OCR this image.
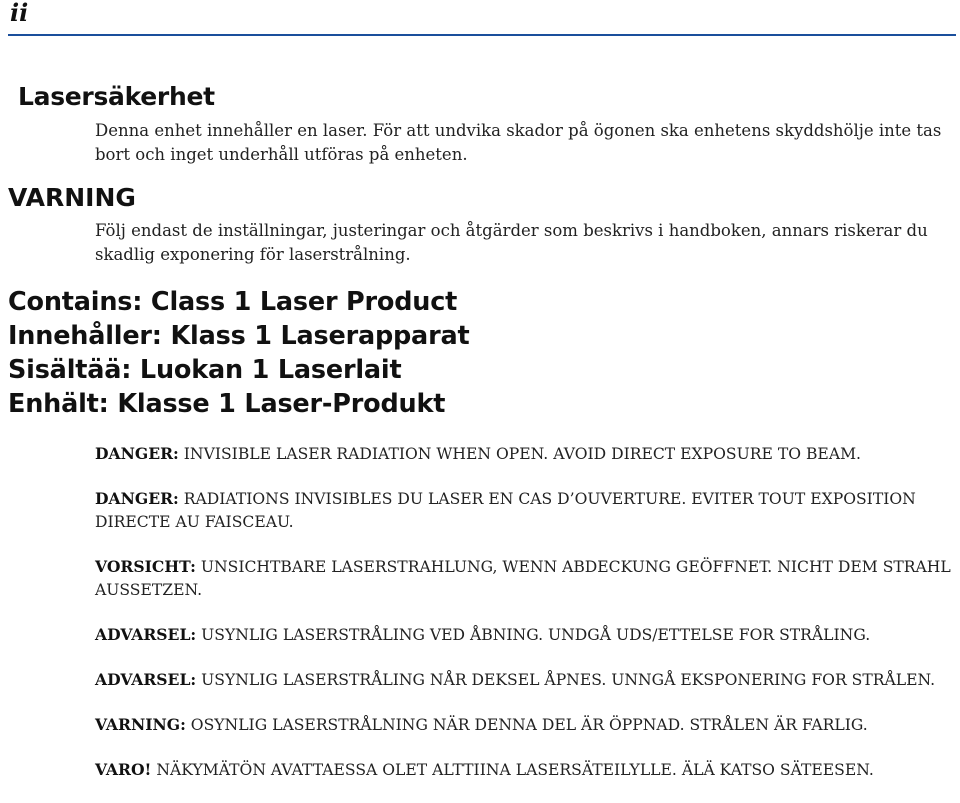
ii
Lasersäkerhet
Denna enhet innehåller en laser. För att undvika skador på ögonen ska enhetens skyddshölje inte tas bort och inget underhåll utföras på enheten.
VARNING
Följ endast de inställningar, justeringar och åtgärder som beskrivs i handboken, annars riskerar du skadlig exponering för laserstrålning.
Contains: Class 1 Laser Product
Innehåller: Klass 1 Laserapparat
Sisältää: Luokan 1 Laserlait
Enhält: Klasse 1 Laser-Produkt
DANGER: INVISIBLE LASER RADIATION WHEN OPEN. AVOID DIRECT EXPOSURE TO BEAM.
DANGER: RADIATIONS INVISIBLES DU LASER EN CAS D’OUVERTURE. EVITER TOUT EXPOSITION DIRECTE AU FAISCEAU.
VORSICHT: UNSICHTBARE LASERSTRAHLUNG, WENN ABDECKUNG GEÖFFNET. NICHT DEM STRAHL AUSSETZEN.
ADVARSEL: USYNLIG LASERSTRÅLING VED ÅBNING. UNDGÅ UDS/ETTELSE FOR STRÅLING.
ADVARSEL: USYNLIG LASERSTRÅLING NÅR DEKSEL ÅPNES. UNNGÅ EKSPONERING FOR STRÅLEN.
VARNING: OSYNLIG LASERSTRÅLNING NÄR DENNA DEL ÄR ÖPPNAD. STRÅLEN ÄR FARLIG.
VARO! NÄKYMÄTÖN AVATTAESSA OLET ALTTIINA LASERSÄTEILYLLE. ÄLÄ KATSO SÄTEESEN.
